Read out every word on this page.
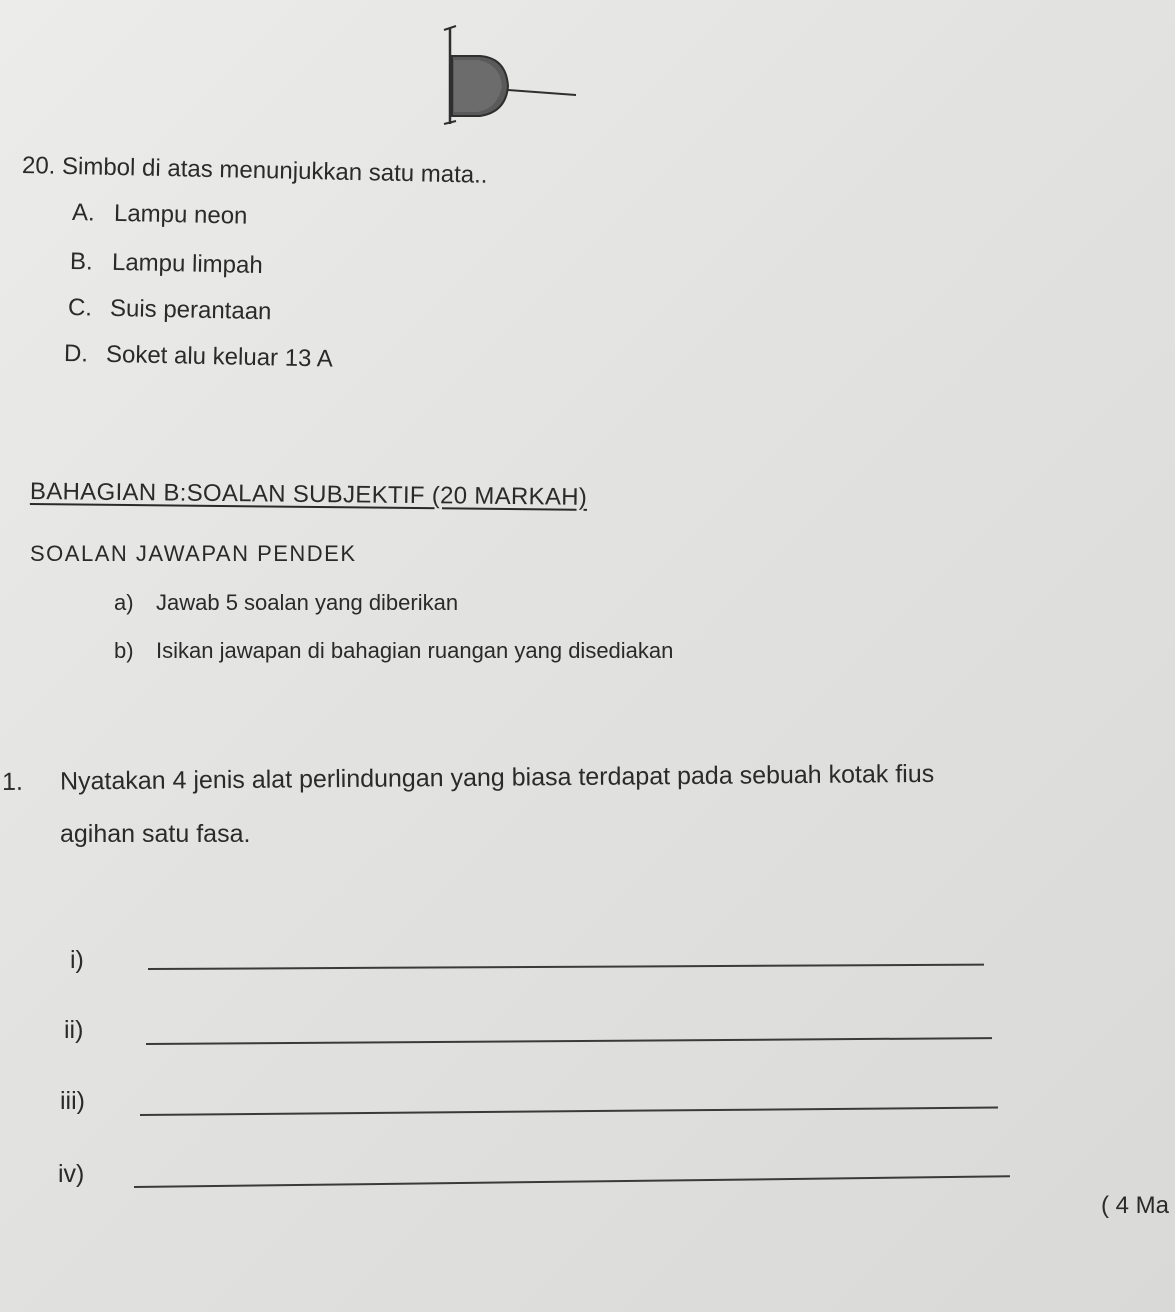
20. Simbol di atas menunjukkan satu mata..
A. Lampu neon
B. Lampu limpah
C. Suis perantaan
D. Soket alu keluar 13 A
BAHAGIAN B:SOALAN SUBJEKTIF (20 MARKAH)
SOALAN JAWAPAN PENDEK
a) Jawab 5 soalan yang diberikan
b) Isikan jawapan di bahagian ruangan yang disediakan
1. Nyatakan 4 jenis alat perlindungan yang biasa terdapat pada sebuah kotak fius
agihan satu fasa.
i)
ii)
iii)
iv)
( 4 Ma
